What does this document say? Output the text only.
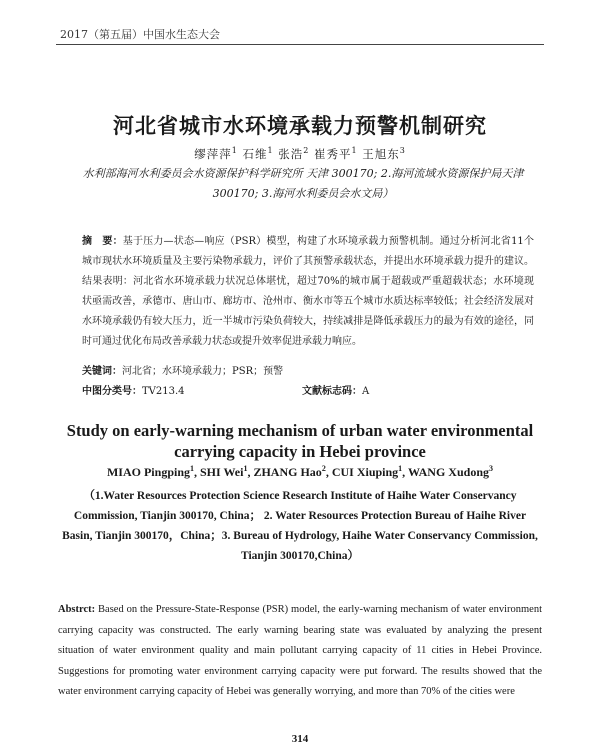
2017（第五届）中国水生态大会
河北省城市水环境承载力预警机制研究
缪萍萍$^1$ 石维$^1$ 张浩$^2$ 崔秀平$^1$ 王旭东$^3$
水利部海河水利委员会水资源保护科学研究所 天津 300170; 2.海河流域水资源保护局天津 300170; 3.海河水利委员会水文局）
摘　要：基于压力—状态—响应（PSR）模型，构建了水环境承载力预警机制。通过分析河北省11个城市现状水环境质量及主要污染物承载力，评价了其预警承载状态，并提出水环境承载力提升的建议。结果表明：河北省水环境承载力状况总体堪忧，超过70%的城市属于超载或严重超载状态；水环境现状亟需改善，承德市、唐山市、廊坊市、沧州市、衡水市等五个城市水质达标率较低；社会经济发展对水环境承载仍有较大压力，近一半城市污染负荷较大，持续减排是降低承载压力的最为有效的途径，同时可通过优化布局改善承载力状态或提升效率促进承载力响应。
关键词：河北省；水环境承载力；PSR；预警
中图分类号：TV213.4	文献标志码：A
Study on early-warning mechanism of urban water environmental carrying capacity in Hebei province
MIAO Pingping$^1$, SHI Wei$^1$, ZHANG Hao$^2$, CUI Xiuping$^1$, WANG Xudong$^3$
（1.Water Resources Protection Science Research Institute of Haihe Water Conservancy Commission, Tianjin 300170, China； 2. Water Resources Protection Bureau of Haihe River Basin, Tianjin 300170，China；3. Bureau of Hydrology, Haihe Water Conservancy Commission, Tianjin 300170,China）
Abstrct: Based on the Pressure-State-Response (PSR) model, the early-warning mechanism of water environment carrying capacity was constructed. The early warning bearing state was evaluated by analyzing the present situation of water environment quality and main pollutant carrying capacity of 11 cities in Hebei Province. Suggestions for promoting water environment carrying capacity were put forward. The results showed that the water environment carrying capacity of Hebei was generally worrying, and more than 70% of the cities were
314
